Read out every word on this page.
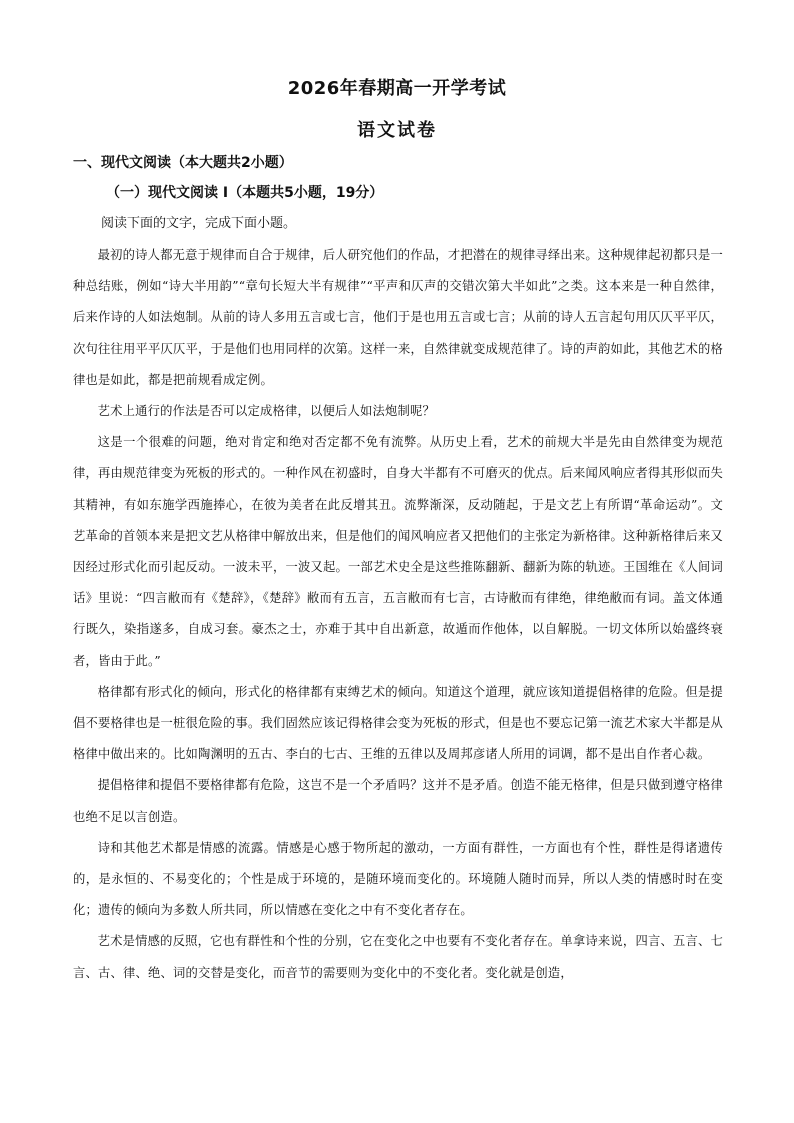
2026年春期高一开学考试
语文试卷
一、现代文阅读（本大题共2小题）
（一）现代文阅读 I（本题共5小题，19分）
阅读下面的文字，完成下面小题。

最初的诗人都无意于规律而自合于规律，后人研究他们的作品，才把潜在的规律寻绎出来。这种规律起初都只是一种总结账，例如“诗大半用韵”“章句长短大半有规律”“平声和仄声的交错次第大半如此”之类。这本来是一种自然律，后来作诗的人如法炮制。从前的诗人多用五言或七言，他们于是也用五言或七言；从前的诗人五言起句用仄仄平平仄，次句往往用平平仄仄平，于是他们也用同样的次第。这样一来，自然律就变成规范律了。诗的声韵如此，其他艺术的格律也是如此，都是把前规看成定例。

艺术上通行的作法是否可以定成格律，以便后人如法炮制呢？

这是一个很难的问题，绝对肯定和绝对否定都不免有流弊。从历史上看，艺术的前规大半是先由自然律变为规范律，再由规范律变为死板的形式的。一种作风在初盛时，自身大半都有不可磨灭的优点。后来闻风响应者得其形似而失其精神，有如东施学西施捧心，在彼为美者在此反增其丑。流弊渐深，反动随起，于是文艺上有所谓“革命运动”。文艺革命的首领本来是把文艺从格律中解放出来，但是他们的闻风响应者又把他们的主张定为新格律。这种新格律后来又因经过形式化而引起反动。一波未平，一波又起。一部艺术史全是这些推陈翻新、翻新为陈的轨迹。王国维在《人间词话》里说：“四言敝而有《楚辞》，《楚辞》敝而有五言，五言敝而有七言，古诗敝而有律绝，律绝敝而有词。盖文体通行既久，染指遂多，自成习套。豪杰之士，亦难于其中自出新意，故遁而作他体，以自解脱。一切文体所以始盛终衰者，皆由于此。”

格律都有形式化的倾向，形式化的格律都有束缚艺术的倾向。知道这个道理，就应该知道提倡格律的危险。但是提倡不要格律也是一桩很危险的事。我们固然应该记得格律会变为死板的形式，但是也不要忘记第一流艺术家大半都是从格律中做出来的。比如陶渊明的五古、李白的七古、王维的五律以及周邦彦诸人所用的词调，都不是出自作者心裁。

提倡格律和提倡不要格律都有危险，这岂不是一个矛盾吗？这并不是矛盾。创造不能无格律，但是只做到遵守格律也绝不足以言创造。

诗和其他艺术都是情感的流露。情感是心感于物所起的激动，一方面有群性，一方面也有个性，群性是得诸遗传的，是永恒的、不易变化的；个性是成于环境的，是随环境而变化的。环境随人随时而异，所以人类的情感时时在变化；遗传的倾向为多数人所共同，所以情感在变化之中有不变化者存在。

艺术是情感的反照，它也有群性和个性的分别，它在变化之中也要有不变化者存在。单拿诗来说，四言、五言、七言、古、律、绝、词的交替是变化，而音节的需要则为变化中的不变化者。变化就是创造，
